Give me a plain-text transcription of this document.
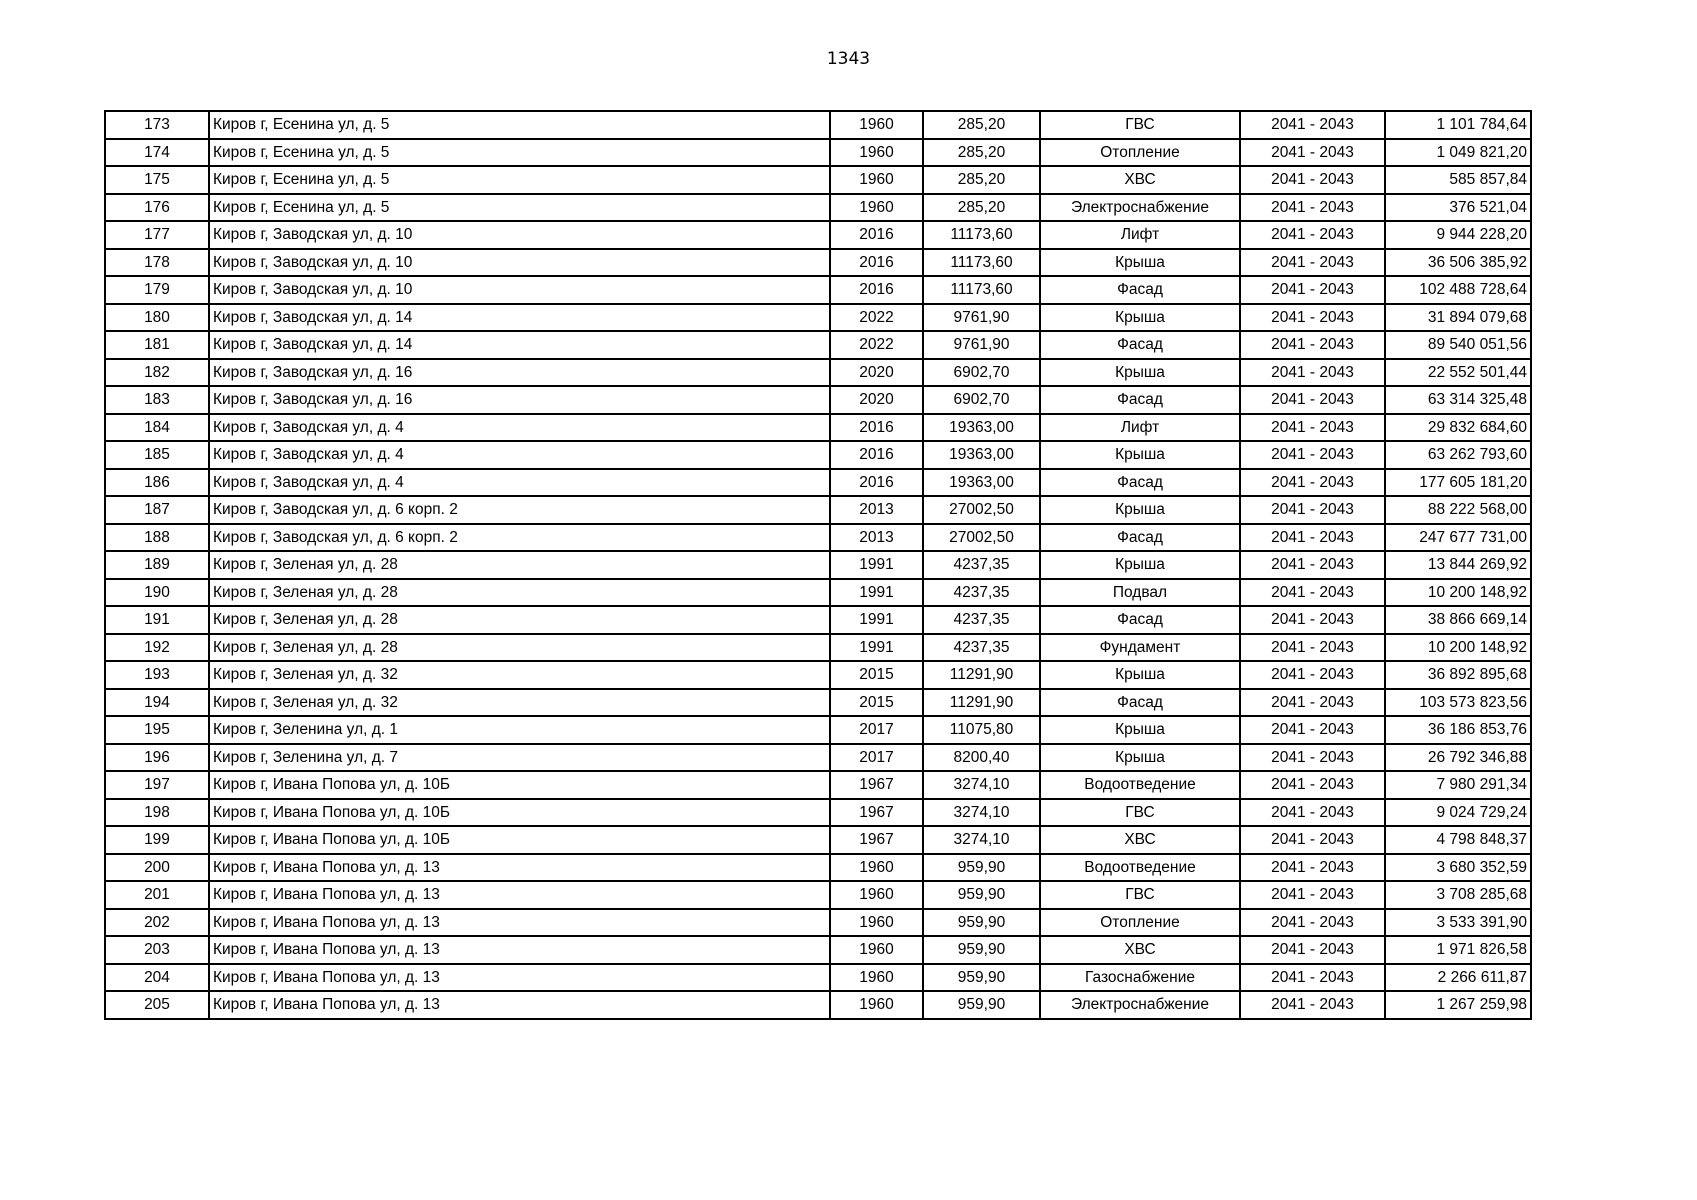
1343
173	Киров г, Есенина ул, д. 5	1960	285,20	ГВС	2041 - 2043	1 101 784,64
174	Киров г, Есенина ул, д. 5	1960	285,20	Отопление	2041 - 2043	1 049 821,20
175	Киров г, Есенина ул, д. 5	1960	285,20	ХВС	2041 - 2043	585 857,84
176	Киров г, Есенина ул, д. 5	1960	285,20	Электроснабжение	2041 - 2043	376 521,04
177	Киров г, Заводская ул, д. 10	2016	11173,60	Лифт	2041 - 2043	9 944 228,20
178	Киров г, Заводская ул, д. 10	2016	11173,60	Крыша	2041 - 2043	36 506 385,92
179	Киров г, Заводская ул, д. 10	2016	11173,60	Фасад	2041 - 2043	102 488 728,64
180	Киров г, Заводская ул, д. 14	2022	9761,90	Крыша	2041 - 2043	31 894 079,68
181	Киров г, Заводская ул, д. 14	2022	9761,90	Фасад	2041 - 2043	89 540 051,56
182	Киров г, Заводская ул, д. 16	2020	6902,70	Крыша	2041 - 2043	22 552 501,44
183	Киров г, Заводская ул, д. 16	2020	6902,70	Фасад	2041 - 2043	63 314 325,48
184	Киров г, Заводская ул, д. 4	2016	19363,00	Лифт	2041 - 2043	29 832 684,60
185	Киров г, Заводская ул, д. 4	2016	19363,00	Крыша	2041 - 2043	63 262 793,60
186	Киров г, Заводская ул, д. 4	2016	19363,00	Фасад	2041 - 2043	177 605 181,20
187	Киров г, Заводская ул, д. 6 корп. 2	2013	27002,50	Крыша	2041 - 2043	88 222 568,00
188	Киров г, Заводская ул, д. 6 корп. 2	2013	27002,50	Фасад	2041 - 2043	247 677 731,00
189	Киров г, Зеленая ул, д. 28	1991	4237,35	Крыша	2041 - 2043	13 844 269,92
190	Киров г, Зеленая ул, д. 28	1991	4237,35	Подвал	2041 - 2043	10 200 148,92
191	Киров г, Зеленая ул, д. 28	1991	4237,35	Фасад	2041 - 2043	38 866 669,14
192	Киров г, Зеленая ул, д. 28	1991	4237,35	Фундамент	2041 - 2043	10 200 148,92
193	Киров г, Зеленая ул, д. 32	2015	11291,90	Крыша	2041 - 2043	36 892 895,68
194	Киров г, Зеленая ул, д. 32	2015	11291,90	Фасад	2041 - 2043	103 573 823,56
195	Киров г, Зеленина ул, д. 1	2017	11075,80	Крыша	2041 - 2043	36 186 853,76
196	Киров г, Зеленина ул, д. 7	2017	8200,40	Крыша	2041 - 2043	26 792 346,88
197	Киров г, Ивана Попова ул, д. 10Б	1967	3274,10	Водоотведение	2041 - 2043	7 980 291,34
198	Киров г, Ивана Попова ул, д. 10Б	1967	3274,10	ГВС	2041 - 2043	9 024 729,24
199	Киров г, Ивана Попова ул, д. 10Б	1967	3274,10	ХВС	2041 - 2043	4 798 848,37
200	Киров г, Ивана Попова ул, д. 13	1960	959,90	Водоотведение	2041 - 2043	3 680 352,59
201	Киров г, Ивана Попова ул, д. 13	1960	959,90	ГВС	2041 - 2043	3 708 285,68
202	Киров г, Ивана Попова ул, д. 13	1960	959,90	Отопление	2041 - 2043	3 533 391,90
203	Киров г, Ивана Попова ул, д. 13	1960	959,90	ХВС	2041 - 2043	1 971 826,58
204	Киров г, Ивана Попова ул, д. 13	1960	959,90	Газоснабжение	2041 - 2043	2 266 611,87
205	Киров г, Ивана Попова ул, д. 13	1960	959,90	Электроснабжение	2041 - 2043	1 267 259,98
